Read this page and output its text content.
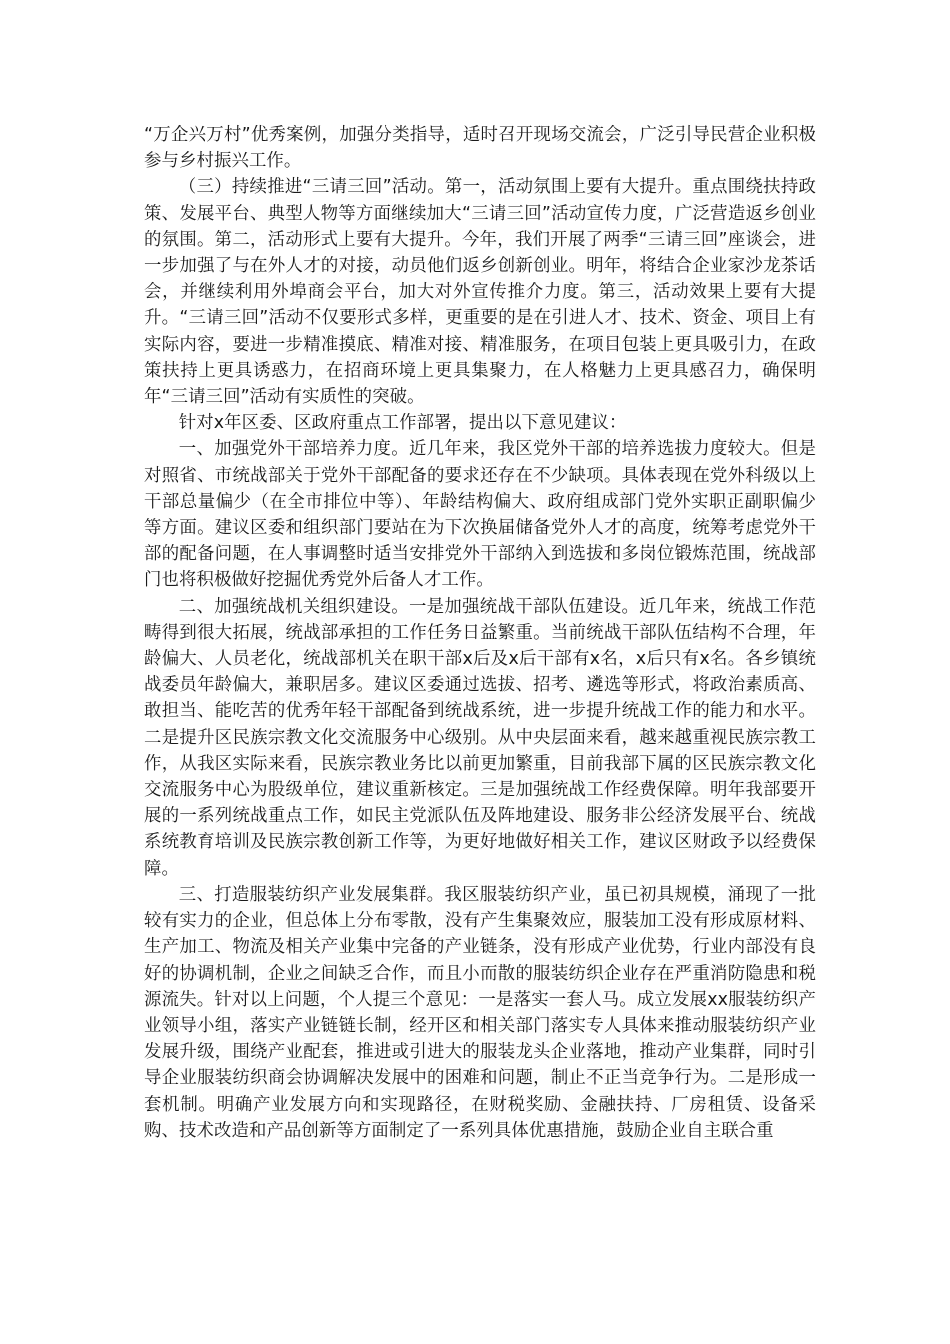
“万企兴万村”优秀案例，加强分类指导，适时召开现场交流会，广泛引导民营企业积极参与乡村振兴工作。

（三）持续推进“三请三回”活动。第一，活动氛围上要有大提升。重点围绕扶持政策、发展平台、典型人物等方面继续加大“三请三回”活动宣传力度，广泛营造返乡创业的氛围。第二，活动形式上要有大提升。今年，我们开展了两季“三请三回”座谈会，进一步加强了与在外人才的对接，动员他们返乡创新创业。明年，将结合企业家沙龙茶话会，并继续利用外埠商会平台，加大对外宣传推介力度。第三，活动效果上要有大提升。“三请三回”活动不仅要形式多样，更重要的是在引进人才、技术、资金、项目上有实际内容，要进一步精准摸底、精准对接、精准服务，在项目包装上更具吸引力，在政策扶持上更具诱惑力，在招商环境上更具集聚力，在人格魅力上更具感召力，确保明年“三请三回”活动有实质性的突破。

针对x年区委、区政府重点工作部署，提出以下意见建议：

一、加强党外干部培养力度。近几年来，我区党外干部的培养选拔力度较大。但是对照省、市统战部关于党外干部配备的要求还存在不少缺项。具体表现在党外科级以上干部总量偏少（在全市排位中等）、年龄结构偏大、政府组成部门党外实职正副职偏少等方面。建议区委和组织部门要站在为下次换届储备党外人才的高度，统筹考虑党外干部的配备问题，在人事调整时适当安排党外干部纳入到选拔和多岗位锻炼范围，统战部门也将积极做好挖掘优秀党外后备人才工作。

二、加强统战机关组织建设。一是加强统战干部队伍建设。近几年来，统战工作范畴得到很大拓展，统战部承担的工作任务日益繁重。当前统战干部队伍结构不合理，年龄偏大、人员老化，统战部机关在职干部x后及x后干部有x名，x后只有x名。各乡镇统战委员年龄偏大，兼职居多。建议区委通过选拔、招考、遴选等形式，将政治素质高、敢担当、能吃苦的优秀年轻干部配备到统战系统，进一步提升统战工作的能力和水平。二是提升区民族宗教文化交流服务中心级别。从中央层面来看，越来越重视民族宗教工作，从我区实际来看，民族宗教业务比以前更加繁重，目前我部下属的区民族宗教文化交流服务中心为股级单位，建议重新核定。三是加强统战工作经费保障。明年我部要开展的一系列统战重点工作，如民主党派队伍及阵地建设、服务非公经济发展平台、统战系统教育培训及民族宗教创新工作等，为更好地做好相关工作，建议区财政予以经费保障。

三、打造服装纺织产业发展集群。我区服装纺织产业，虽已初具规模，涌现了一批较有实力的企业，但总体上分布零散，没有产生集聚效应，服装加工没有形成原材料、生产加工、物流及相关产业集中完备的产业链条，没有形成产业优势，行业内部没有良好的协调机制，企业之间缺乏合作，而且小而散的服装纺织企业存在严重消防隐患和税源流失。针对以上问题，个人提三个意见：一是落实一套人马。成立发展xx服装纺织产业领导小组，落实产业链链长制，经开区和相关部门落实专人具体来推动服装纺织产业发展升级，围绕产业配套，推进或引进大的服装龙头企业落地，推动产业集群，同时引导企业服装纺织商会协调解决发展中的困难和问题，制止不正当竞争行为。二是形成一套机制。明确产业发展方向和实现路径，在财税奖励、金融扶持、厂房租赁、设备采购、技术改造和产品创新等方面制定了一系列具体优惠措施，鼓励企业自主联合重
